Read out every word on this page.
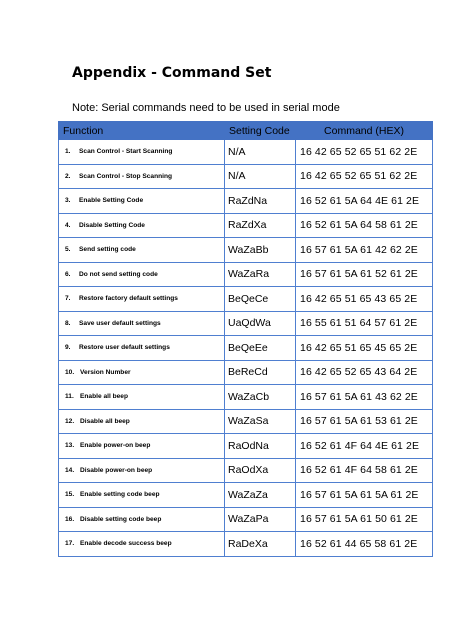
Appendix - Command Set
Note: Serial commands need to be used in serial mode
Function	Setting Code	Command (HEX)
1. Scan Control - Start Scanning	N/A	16 42 65 52 65 51 62 2E
2. Scan Control - Stop Scanning	N/A	16 42 65 52 65 51 62 2E
3. Enable Setting Code	RaZdNa	16 52 61 5A 64 4E 61 2E
4. Disable Setting Code	RaZdXa	16 52 61 5A 64 58 61 2E
5. Send setting code	WaZaBb	16 57 61 5A 61 42 62 2E
6. Do not send setting code	WaZaRa	16 57 61 5A 61 52 61 2E
7. Restore factory default settings	BeQeCe	16 42 65 51 65 43 65 2E
8. Save user default settings	UaQdWa	16 55 61 51 64 57 61 2E
9. Restore user default settings	BeQeEe	16 42 65 51 65 45 65 2E
10. Version Number	BeReCd	16 42 65 52 65 43 64 2E
11. Enable all beep	WaZaCb	16 57 61 5A 61 43 62 2E
12. Disable all beep	WaZaSa	16 57 61 5A 61 53 61 2E
13. Enable power-on beep	RaOdNa	16 52 61 4F 64 4E 61 2E
14. Disable power-on beep	RaOdXa	16 52 61 4F 64 58 61 2E
15. Enable setting code beep	WaZaZa	16 57 61 5A 61 5A 61 2E
16. Disable setting code beep	WaZaPa	16 57 61 5A 61 50 61 2E
17. Enable decode success beep	RaDeXa	16 52 61 44 65 58 61 2E
